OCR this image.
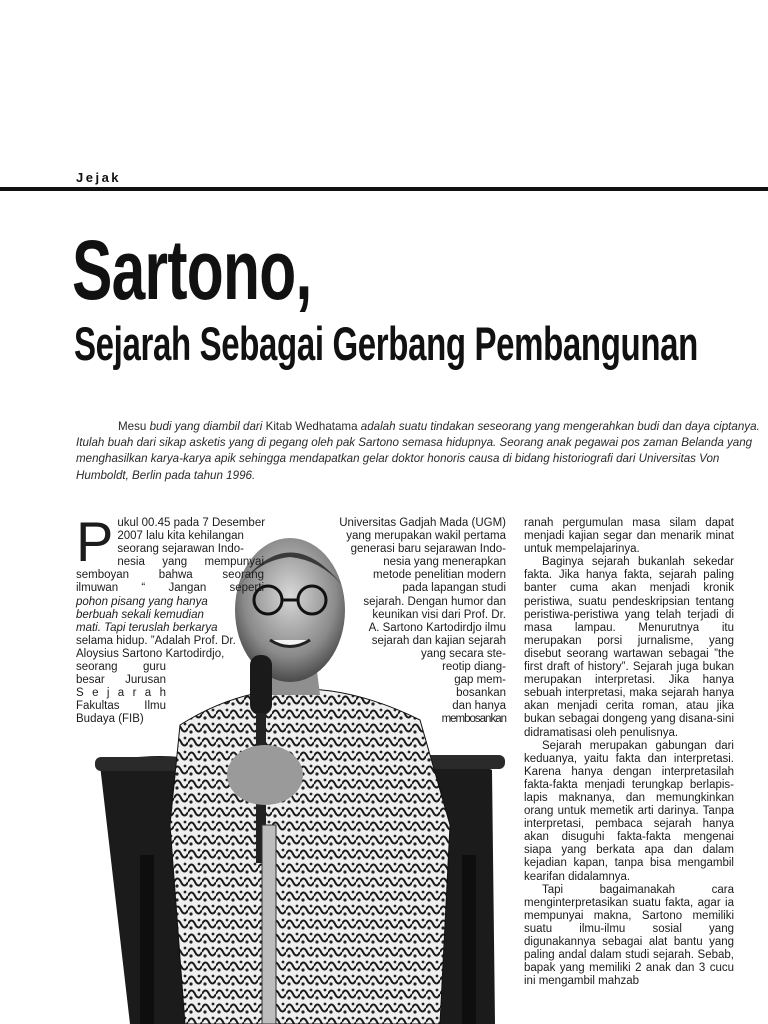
Jejak
Sartono,
Sejarah Sebagai Gerbang Pembangunan

Mesu budi yang diambil dari Kitab Wedhatama adalah suatu tindakan seseorang yang mengerahkan budi dan daya ciptanya. Itulah buah dari sikap asketis yang di pegang oleh pak Sartono semasa hidupnya. Seorang anak pegawai pos zaman Belanda yang menghasilkan karya-karya apik sehingga mendapatkan gelar doktor honoris causa di bidang historiografi dari Universitas Von Humboldt, Berlin pada tahun 1996.

P ukul 00.45 pada 7 Desember
2007 lalu kita kehilangan
seorang sejarawan Indo-
nesia yang mempunyai
semboyan bahwa seorang
ilmuwan “ Jangan seperti
pohon pisang yang hanya
berbuah sekali kemudian
mati. Tapi teruslah berkarya
selama hidup. ”Adalah Prof. Dr.
Aloysius Sartono Kartodirdjo,
seorang guru
besar Jurusan
S e j a r a h
Fakultas Ilmu
Budaya (FIB)
Universitas Gadjah Mada (UGM)
yang merupakan wakil pertama
generasi baru sejarawan Indo-
nesia yang menerapkan
metode penelitian modern
pada lapangan studi
sejarah. Dengan humor dan
keunikan visi dari Prof. Dr.
A. Sartono Kartodirdjo ilmu
sejarah dan kajian sejarah
yang secara ste-
reotip diang-
gap mem-
bosankan
dan hanya
membosankan

ranah pergumulan masa silam dapat menjadi kajian segar dan menarik minat untuk mempelajarinya.

Baginya sejarah bukanlah sekedar fakta. Jika hanya fakta, sejarah paling banter cuma akan menjadi kronik peristiwa, suatu pendeskripsian tentang peristiwa-peristiwa yang telah terjadi di masa lampau. Menurutnya itu merupakan porsi jurnalisme, yang disebut seorang wartawan sebagai ”the first draft of history”. Sejarah juga bukan merupakan interpretasi. Jika hanya sebuah interpretasi, maka sejarah hanya akan menjadi cerita roman, atau jika bukan sebagai dongeng yang disana-sini didramatisasi oleh penulisnya.

Sejarah merupakan gabungan dari keduanya, yaitu fakta dan interpretasi. Karena hanya dengan interpretasilah fakta-fakta menjadi terungkap berlapis-lapis maknanya, dan memungkinkan orang untuk memetik arti darinya. Tanpa interpretasi, pembaca sejarah hanya akan disuguhi fakta-fakta mengenai siapa yang berkata apa dan dalam kejadian kapan, tanpa bisa mengambil kearifan didalamnya.

Tapi bagaimanakah cara menginterpretasikan suatu fakta, agar ia mempunyai makna, Sartono memiliki suatu ilmu-ilmu sosial yang digunakannya sebagai alat bantu yang paling andal dalam studi sejarah. Sebab, bapak yang memiliki 2 anak dan 3 cucu ini mengambil mahzab
